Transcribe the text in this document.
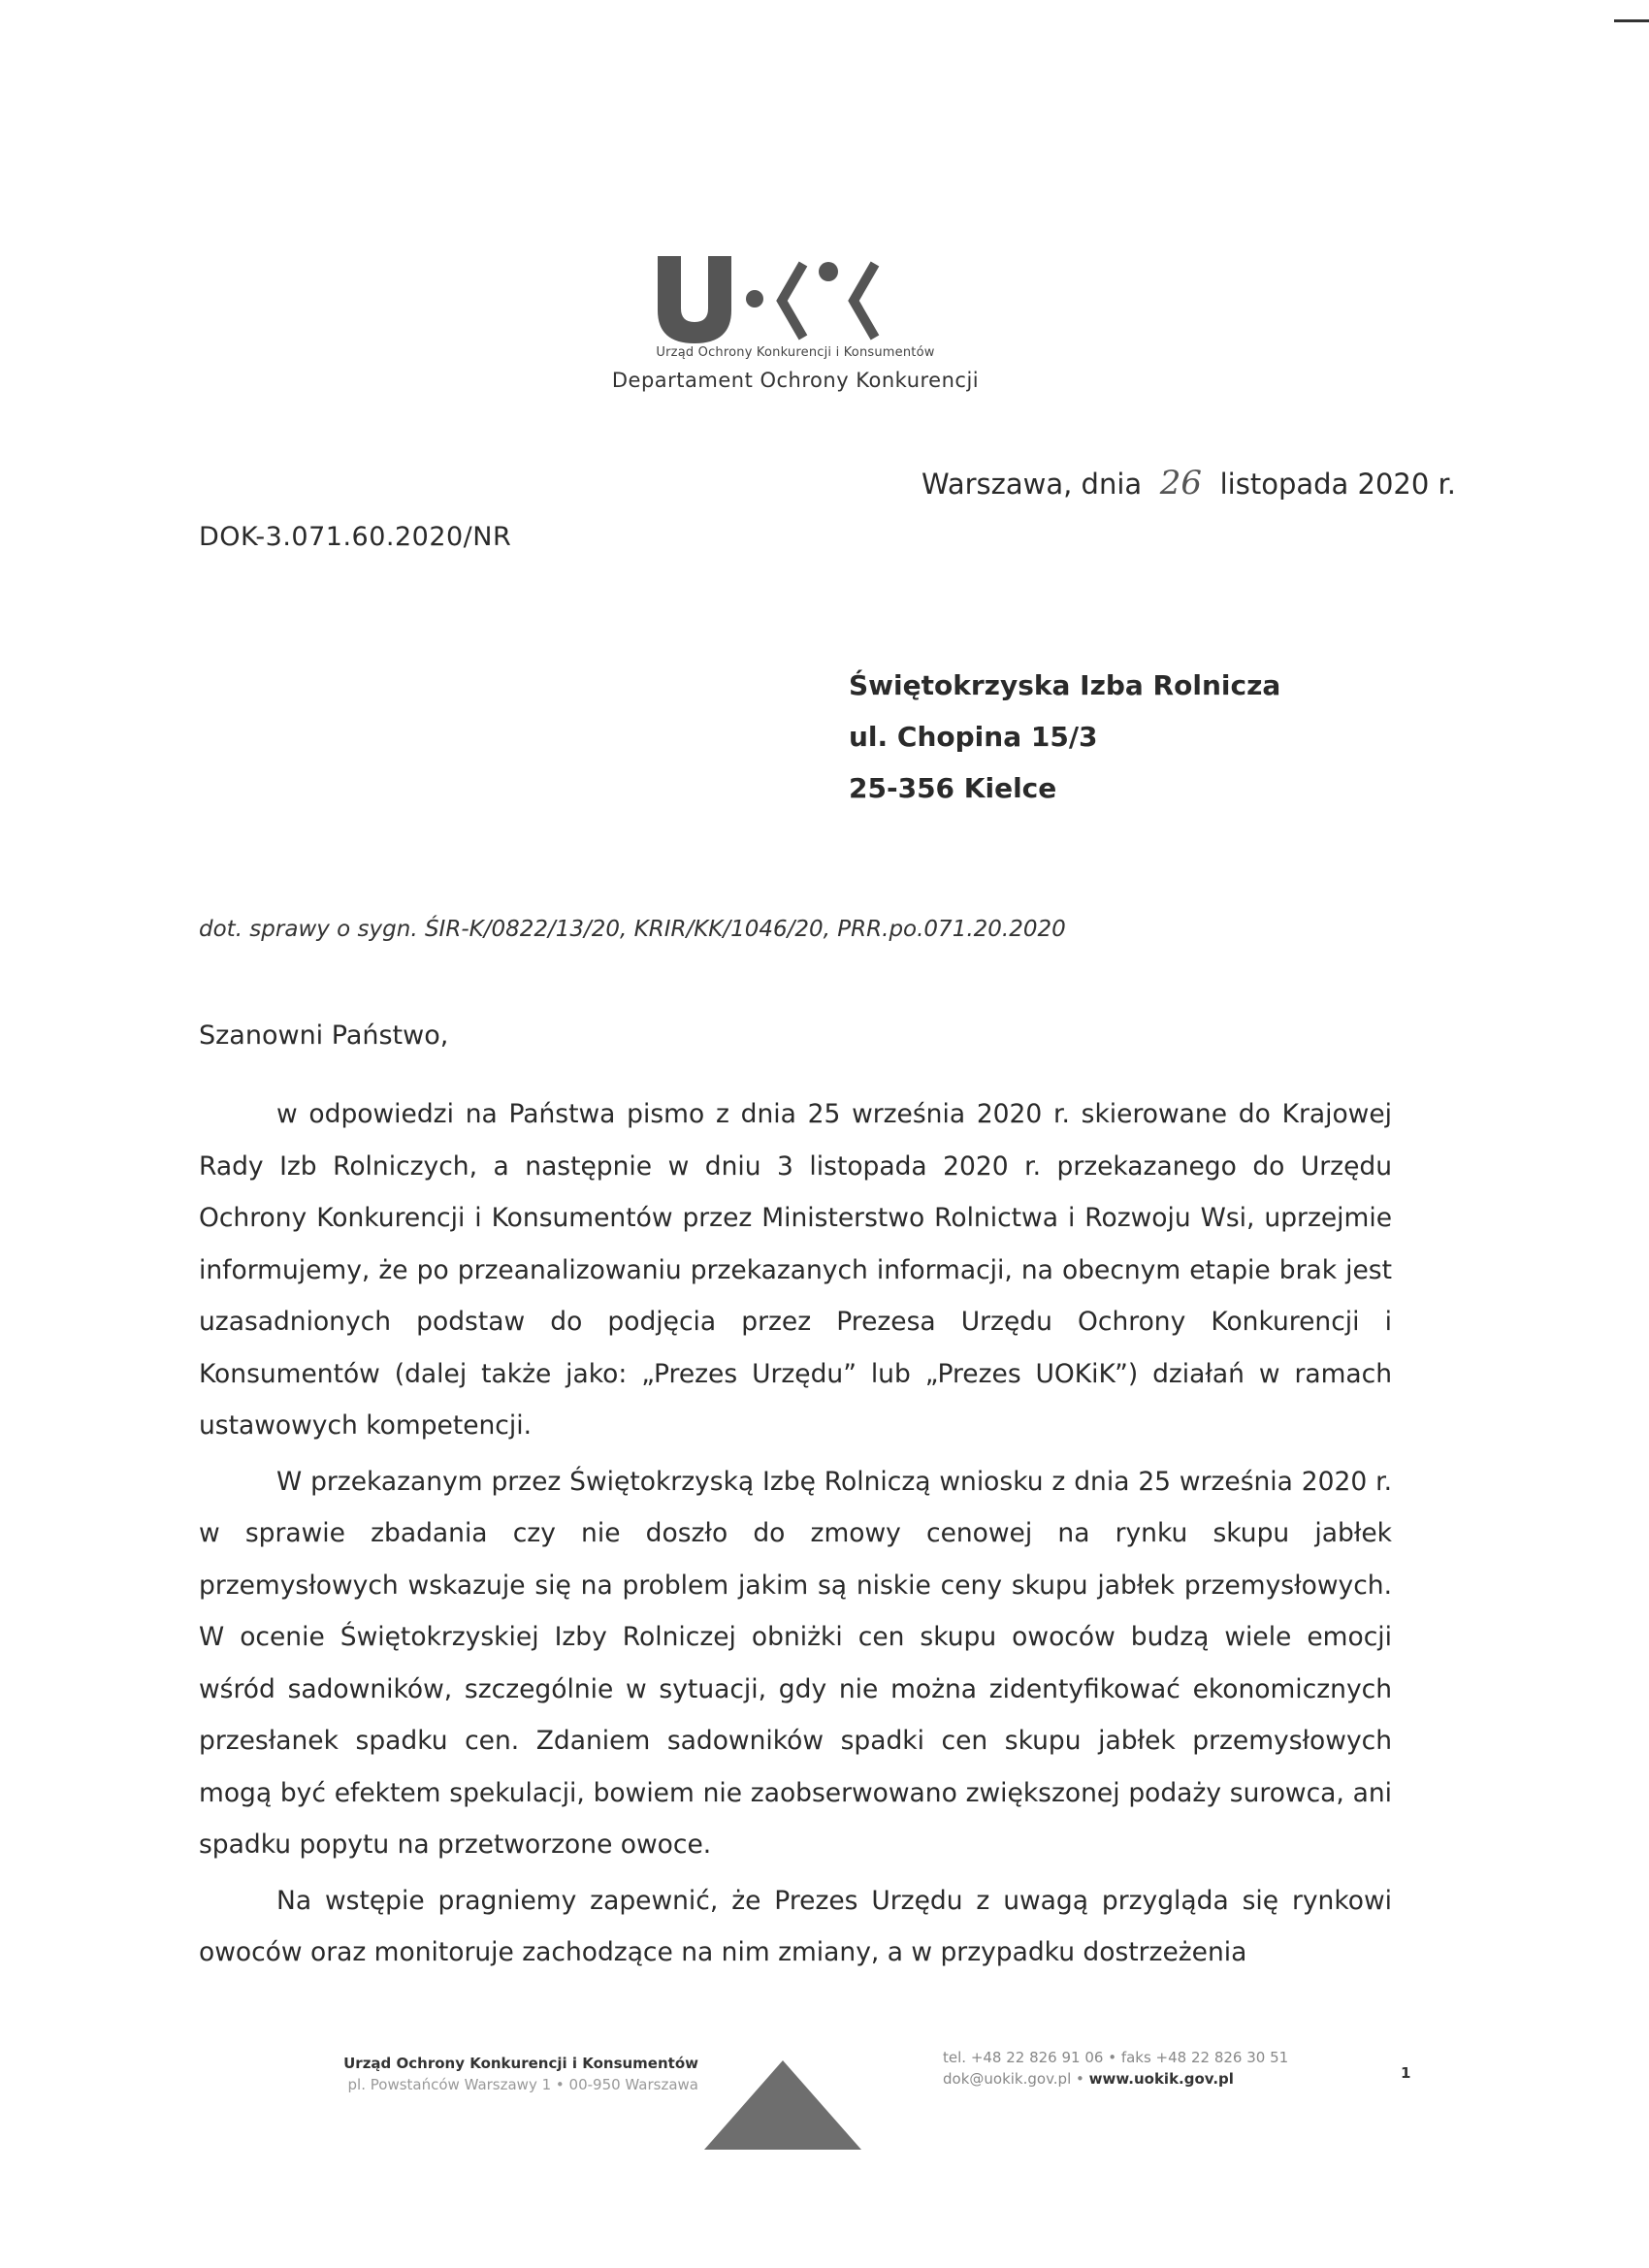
Urząd Ochrony Konkurencji i Konsumentów
Departament Ochrony Konkurencji
Warszawa, dnia 26 listopada 2020 r.
DOK-3.071.60.2020/NR
Świętokrzyska Izba Rolnicza
ul. Chopina 15/3
25-356 Kielce
dot. sprawy o sygn. ŚIR-K/0822/13/20, KRIR/KK/1046/20, PRR.po.071.20.2020
Szanowni Państwo,

w odpowiedzi na Państwa pismo z dnia 25 września 2020 r. skierowane do Krajowej Rady Izb Rolniczych, a następnie w dniu 3 listopada 2020 r. przekazanego do Urzędu Ochrony Konkurencji i Konsumentów przez Ministerstwo Rolnictwa i Rozwoju Wsi, uprzejmie informujemy, że po przeanalizowaniu przekazanych informacji, na obecnym etapie brak jest uzasadnionych podstaw do podjęcia przez Prezesa Urzędu Ochrony Konkurencji i Konsumentów (dalej także jako: „Prezes Urzędu” lub „Prezes UOKiK”) działań w ramach ustawowych kompetencji.

W przekazanym przez Świętokrzyską Izbę Rolniczą wniosku z dnia 25 września 2020 r. w sprawie zbadania czy nie doszło do zmowy cenowej na rynku skupu jabłek przemysłowych wskazuje się na problem jakim są niskie ceny skupu jabłek przemysłowych. W ocenie Świętokrzyskiej Izby Rolniczej obniżki cen skupu owoców budzą wiele emocji wśród sadowników, szczególnie w sytuacji, gdy nie można zidentyfikować ekonomicznych przesłanek spadku cen. Zdaniem sadowników spadki cen skupu jabłek przemysłowych mogą być efektem spekulacji, bowiem nie zaobserwowano zwiększonej podaży surowca, ani spadku popytu na przetworzone owoce.

Na wstępie pragniemy zapewnić, że Prezes Urzędu z uwagą przygląda się rynkowi owoców oraz monitoruje zachodzące na nim zmiany, a w przypadku dostrzeżenia

Urząd Ochrony Konkurencji i Konsumentów
pl. Powstańców Warszawy 1 • 00-950 Warszawa
tel. +48 22 826 91 06 • faks +48 22 826 30 51
dok@uokik.gov.pl • www.uokik.gov.pl	1
